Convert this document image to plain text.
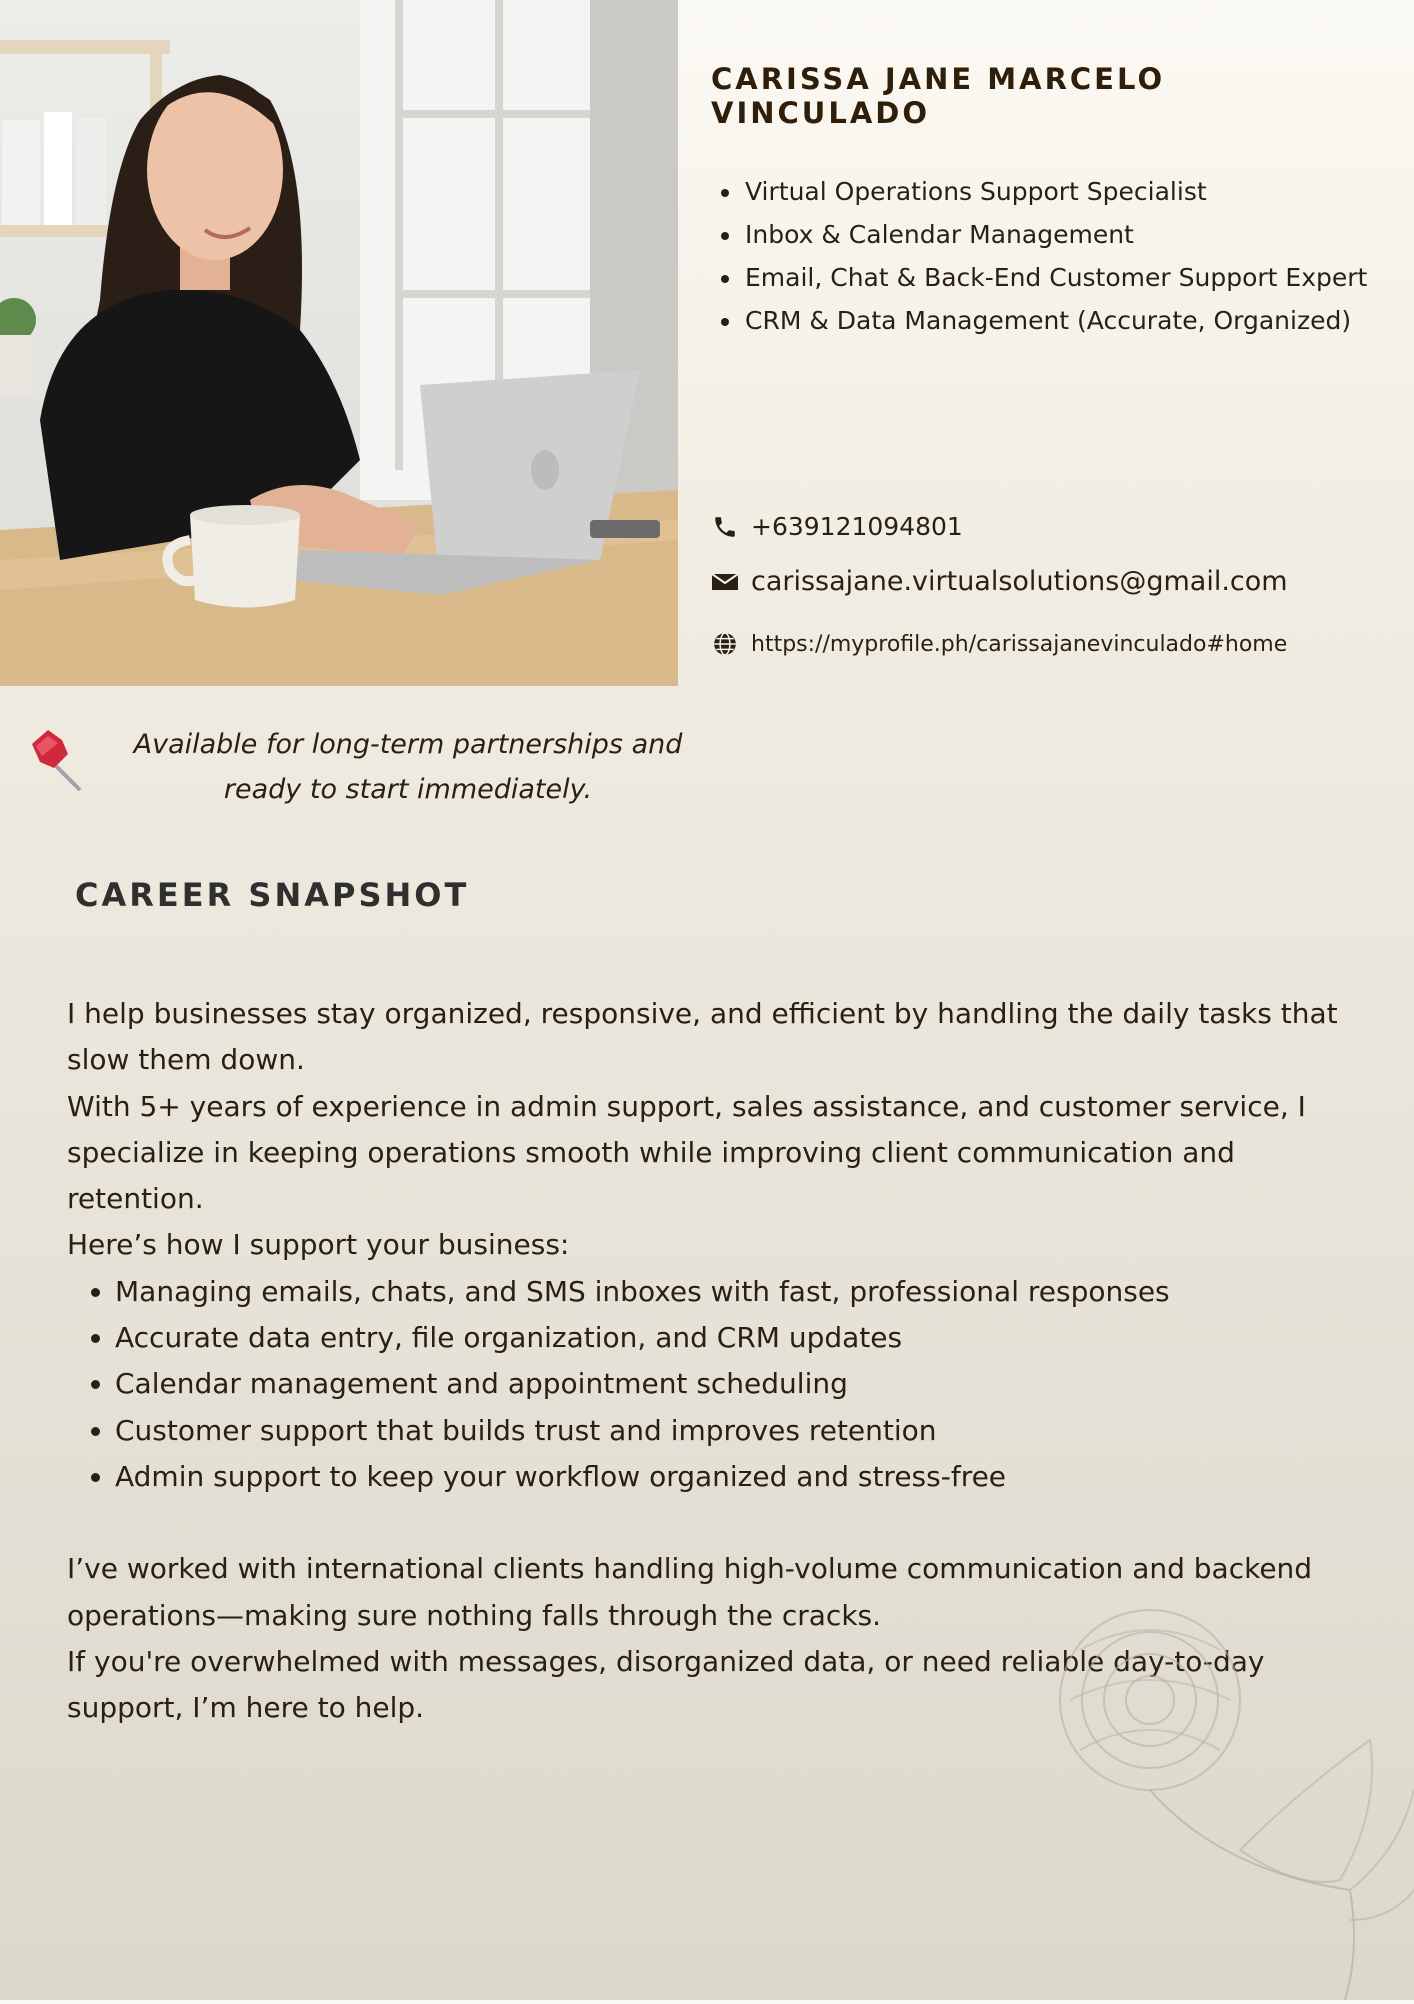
CARISSA JANE MARCELO VINCULADO
• Virtual Operations Support Specialist
• Inbox & Calendar Management
• Email, Chat & Back-End Customer Support Expert
• CRM & Data Management (Accurate, Organized)
+639121094801
carissajane.virtualsolutions@gmail.com
https://myprofile.ph/carissajanevinculado#home

Available for long-term partnerships and ready to start immediately.

CAREER SNAPSHOT

I help businesses stay organized, responsive, and efficient by handling the daily tasks that slow them down.

With 5+ years of experience in admin support, sales assistance, and customer service, I specialize in keeping operations smooth while improving client communication and retention.

Here’s how I support your business:

• Managing emails, chats, and SMS inboxes with fast, professional responses
• Accurate data entry, file organization, and CRM updates
• Calendar management and appointment scheduling
• Customer support that builds trust and improves retention
• Admin support to keep your workflow organized and stress-free

I’ve worked with international clients handling high-volume communication and backend operations—making sure nothing falls through the cracks.

If you're overwhelmed with messages, disorganized data, or need reliable day-to-day support, I’m here to help.
